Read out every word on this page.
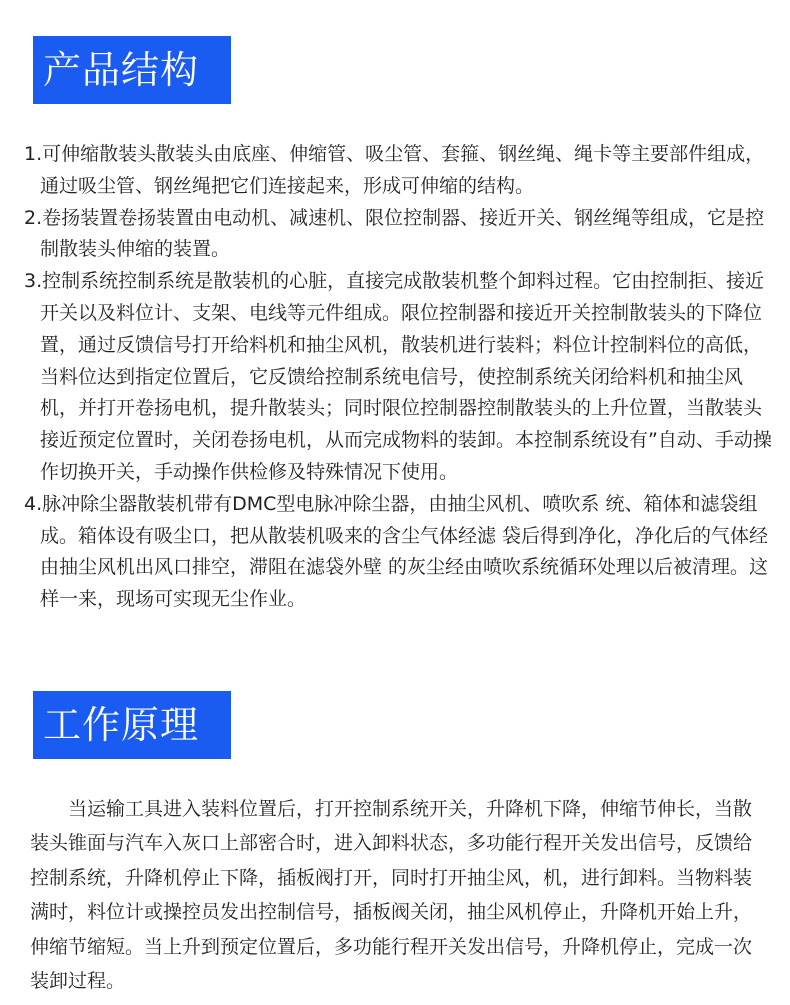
产品结构
1.可伸缩散装头散装头由底座、伸缩管、吸尘管、套箍、钢丝绳、绳卡等主要部件组成，通过吸尘管、钢丝绳把它们连接起来，形成可伸缩的结构。
2.卷扬装置卷扬装置由电动机、减速机、限位控制器、接近开关、钢丝绳等组成，它是控制散装头伸缩的装置。
3.控制系统控制系统是散装机的心脏，直接完成散装机整个卸料过程。它由控制拒、接近开关以及料位计、支架、电线等元件组成。限位控制器和接近开关控制散装头的下降位置，通过反馈信号打开给料机和抽尘风机，散装机进行装料；料位计控制料位的高低，当料位达到指定位置后，它反馈给控制系统电信号，使控制系统关闭给料机和抽尘风机，并打开卷扬电机，提升散装头；同时限位控制器控制散装头的上升位置，当散装头接近预定位置时，关闭卷扬电机，从而完成物料的装卸。本控制系统设有”自动、手动操作切换开关，手动操作供检修及特殊情况下使用。
4.脉冲除尘器散装机带有DMC型电脉冲除尘器，由抽尘风机、喷吹系 统、箱体和滤袋组成。箱体设有吸尘口，把从散装机吸来的含尘气体经滤 袋后得到净化，净化后的气体经由抽尘风机出风口排空，滞阻在滤袋外壁 的灰尘经由喷吹系统循环处理以后被清理。这样一来，现场可实现无尘作业。
工作原理

当运输工具进入装料位置后，打开控制系统开关，升降机下降，伸缩节伸长，当散装头锥面与汽车入灰口上部密合时，进入卸料状态，多功能行程开关发出信号，反馈给控制系统，升降机停止下降，插板阀打开，同时打开抽尘风，机，进行卸料。当物料装满时，料位计或操控员发出控制信号，插板阀关闭，抽尘风机停止，升降机开始上升，伸缩节缩短。当上升到预定位置后，多功能行程开关发出信号，升降机停止，完成一次装卸过程。
